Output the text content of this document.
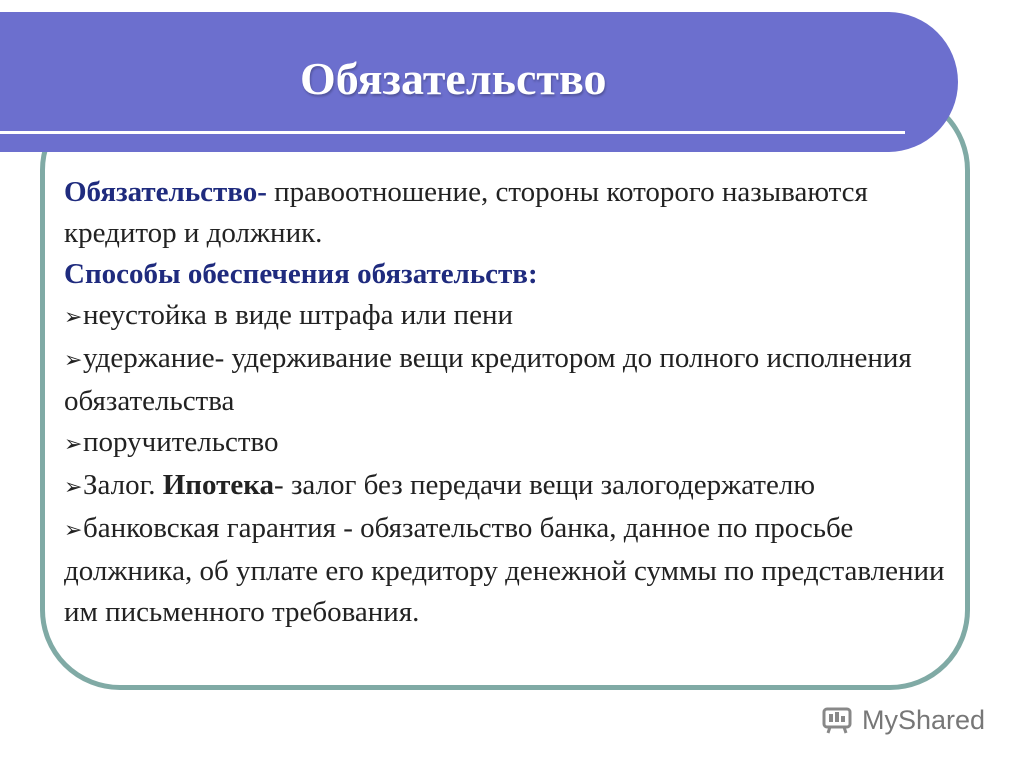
Обязательство

Обязательство- правоотношение, стороны которого называются кредитор и должник.

Способы обеспечения обязательств:

➢неустойка в виде штрафа или пени

➢удержание- удерживание вещи кредитором до полного исполнения обязательства

➢поручительство

➢Залог. Ипотека- залог без передачи вещи залогодержателю

➢банковская гарантия - обязательство банка, данное по просьбе должника, об уплате его кредитору денежной суммы по представлении им письменного требования.

MyShared
